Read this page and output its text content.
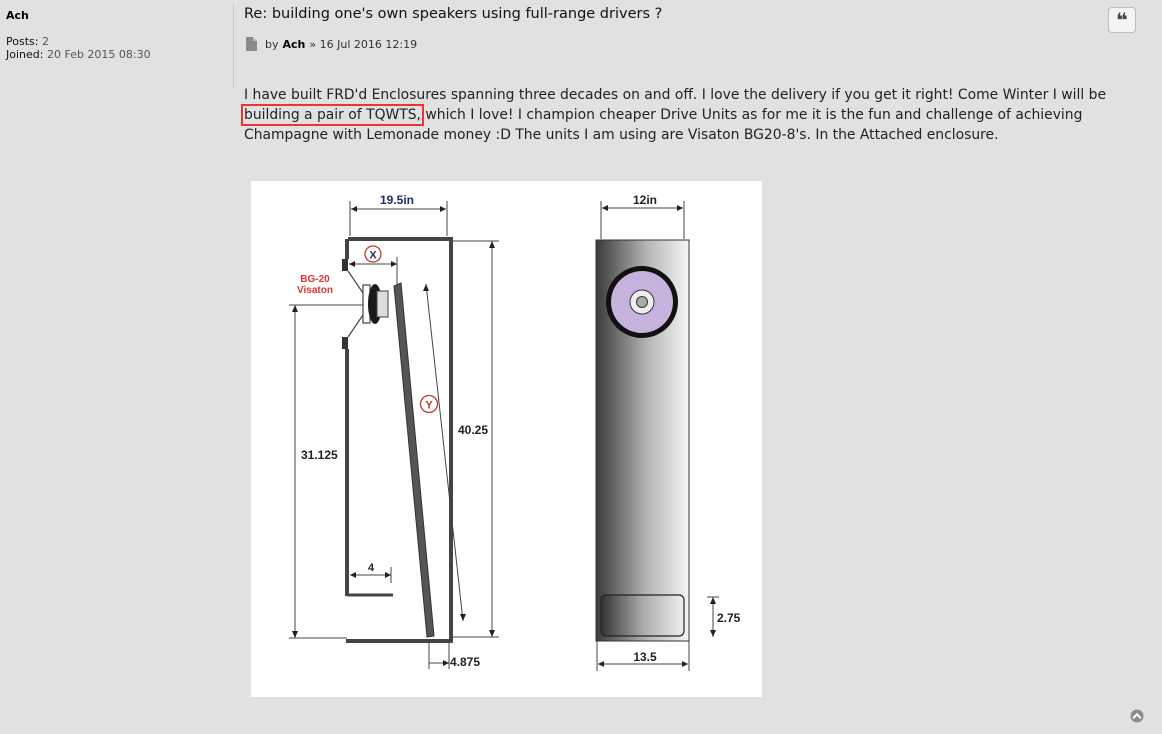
Ach
Posts: 2
Joined: 20 Feb 2015 08:30
Re: building one's own speakers using full-range drivers ?	❝
by Ach »
16 Jul 2016 12:19
I have built FRD'd Enclosures spanning three decades on and off. I love the delivery if you get it right! Come Winter I will be building a pair of TQWTS, which I love! I champion cheaper Drive Units as for me it is the fun and challenge of achieving Champagne with Lemonade money :D The units I am using are Visaton BG20-8's. In the Attached enclosure.
X
Y
19.5in
BG-20
Visaton
40.25
31.125
4
4.875
12in
2.75
13.5
